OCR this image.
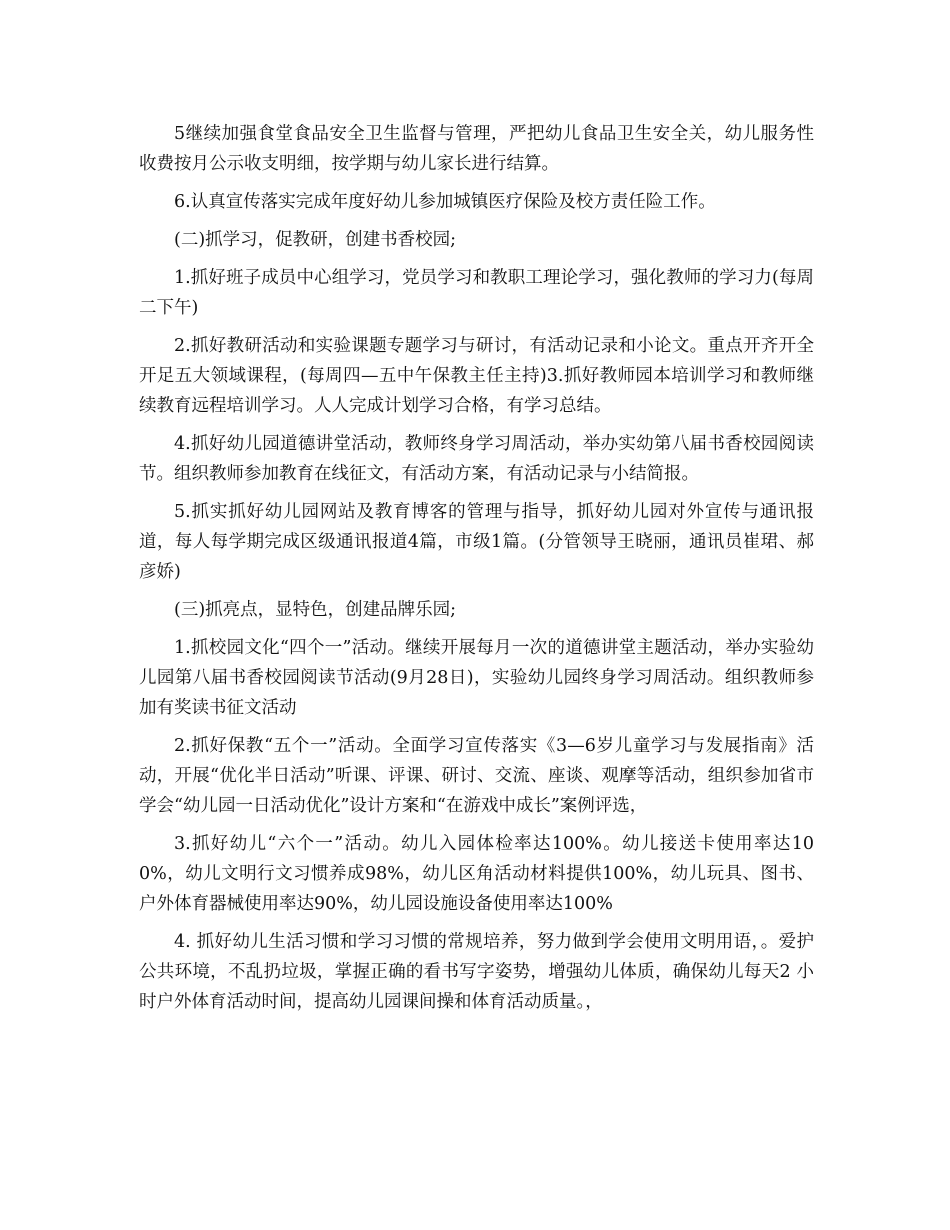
5继续加强食堂食品安全卫生监督与管理，严把幼儿食品卫生安全关，幼儿服务性收费按月公示收支明细，按学期与幼儿家长进行结算。

6.认真宣传落实完成年度好幼儿参加城镇医疗保险及校方责任险工作。

(二)抓学习，促教研，创建书香校园;

1.抓好班子成员中心组学习，党员学习和教职工理论学习，强化教师的学习力(每周二下午)

2.抓好教研活动和实验课题专题学习与研讨，有活动记录和小论文。重点开齐开全开足五大领域课程，(每周四—五中午保教主任主持)3.抓好教师园本培训学习和教师继续教育远程培训学习。人人完成计划学习合格，有学习总结。

4.抓好幼儿园道德讲堂活动，教师终身学习周活动，举办实幼第八届书香校园阅读节。组织教师参加教育在线征文，有活动方案，有活动记录与小结简报。

5.抓实抓好幼儿园网站及教育博客的管理与指导，抓好幼儿园对外宣传与通讯报道，每人每学期完成区级通讯报道4篇，市级1篇。(分管领导王晓丽，通讯员崔珺、郝彦娇)

(三)抓亮点，显特色，创建品牌乐园;

1.抓校园文化“四个一”活动。继续开展每月一次的道德讲堂主题活动，举办实验幼儿园第八届书香校园阅读节活动(9月28日)，实验幼儿园终身学习周活动。组织教师参加有奖读书征文活动

2.抓好保教“五个一”活动。全面学习宣传落实《3—6岁儿童学习与发展指南》活动，开展“优化半日活动”听课、评课、研讨、交流、座谈、观摩等活动，组织参加省市学会“幼儿园一日活动优化”设计方案和“在游戏中成长”案例评选，

3.抓好幼儿“六个一”活动。幼儿入园体检率达100%。幼儿接送卡使用率达100%，幼儿文明行文习惯养成98%，幼儿区角活动材料提供100%，幼儿玩具、图书、户外体育器械使用率达90%，幼儿园设施设备使用率达100%

4. 抓好幼儿生活习惯和学习习惯的常规培养，努力做到学会使用文明用语，。爱护公共环境，不乱扔垃圾，掌握正确的看书写字姿势，增强幼儿体质，确保幼儿每天2 小时户外体育活动时间，提高幼儿园课间操和体育活动质量。，
